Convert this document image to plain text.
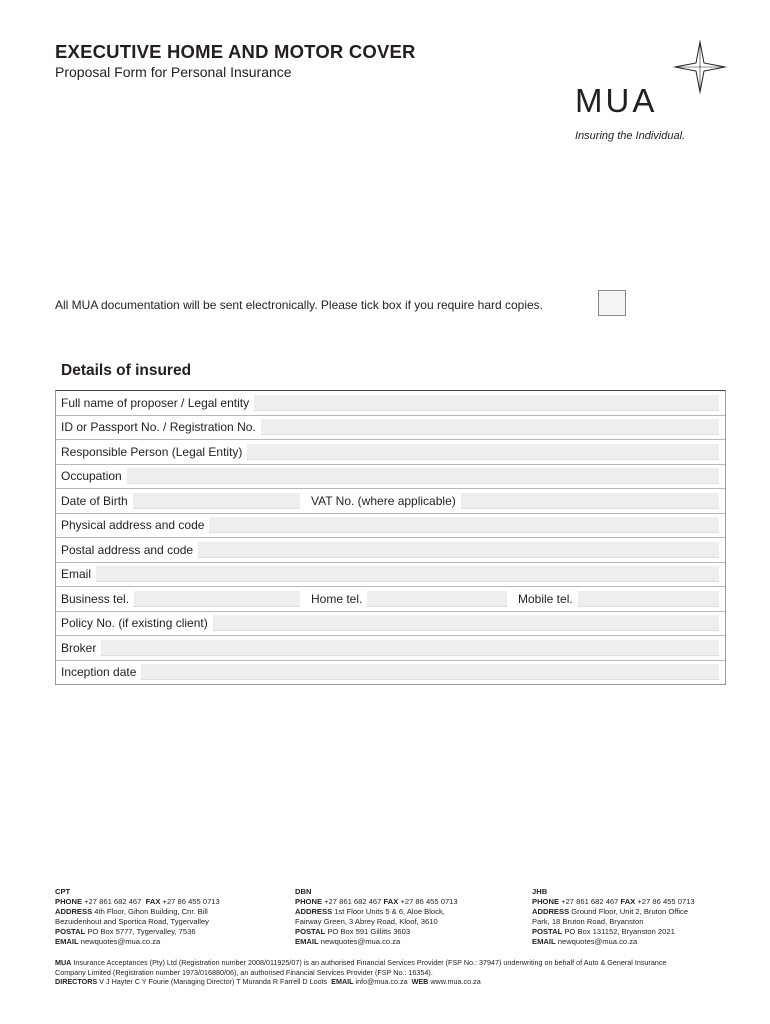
EXECUTIVE HOME AND MOTOR COVER
Proposal Form for Personal Insurance
MUA
Insuring the Individual.
All MUA documentation will be sent electronically. Please tick box if you require hard copies.
Details of insured
Full name of proposer / Legal entity
ID or Passport No. / Registration No.
Responsible Person (Legal Entity)
Occupation
Date of Birth	VAT No. (where applicable)
Physical address and code
Postal address and code
Email
Business tel.	Home tel.	Mobile tel.
Policy No. (if existing client)
Broker
Inception date
CPT
PHONE +27 861 682 467 FAX +27 86 455 0713
ADDRESS 4th Floor, Gihon Building, Cnr. Bill
Bezuidenhout and Sportica Road, Tygervalley
POSTAL PO Box 5777, Tygervalley, 7536
EMAIL newquotes@mua.co.za
DBN
PHONE +27 861 682 467 FAX +27 86 455 0713
ADDRESS 1st Floor Units 5 & 6, Aloe Block,
Fairway Green, 3 Abrey Road, Kloof, 3610
POSTAL PO Box 591 Gillitts 3603
EMAIL newquotes@mua.co.za
JHB
PHONE +27 861 682 467 FAX +27 86 455 0713
ADDRESS Ground Floor, Unit 2, Bruton Office
Park, 18 Bruton Road, Bryanston
POSTAL PO Box 131152, Bryanston 2021
EMAIL newquotes@mua.co.za
MUA Insurance Acceptances (Pty) Ltd (Registration number 2008/011925/07) is an authorised Financial Services Provider (FSP No.: 37947) underwriting on behalf of Auto & General Insurance
Company Limited (Registration number 1973/016880/06), an authorised Financial Services Provider (FSP No.: 16354).
DIRECTORS V J Hayter C Y Fourie (Managing Director) T Muranda R Farrell D Loots EMAIL info@mua.co.za WEB www.mua.co.za
